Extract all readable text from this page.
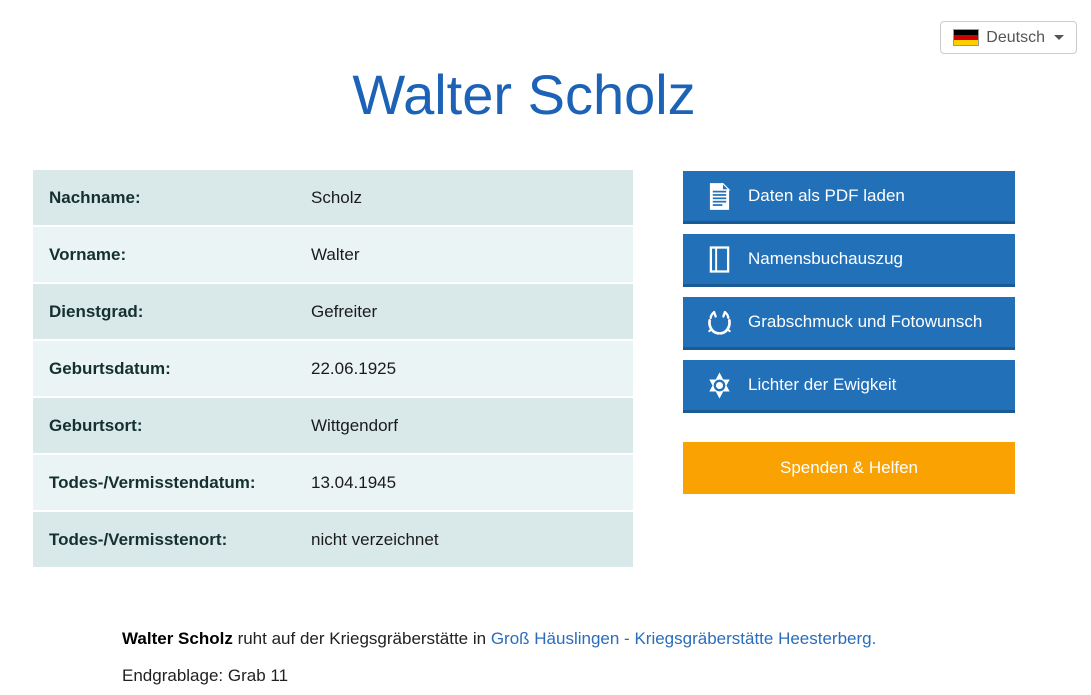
Walter Scholz
Deutsch
Nachname:	Scholz
Vorname:	Walter
Dienstgrad:	Gefreiter
Geburtsdatum:	22.06.1925
Geburtsort:	Wittgendorf
Todes-/Vermisstendatum:	13.04.1945
Todes-/Vermisstenort:	nicht verzeichnet
Daten als PDF laden
Namensbuchauszug
Grabschmuck und Fotowunsch
Lichter der Ewigkeit
Spenden & Helfen

Walter Scholz ruht auf der Kriegsgräberstätte in Groß Häuslingen - Kriegsgräberstätte Heesterberg.

Endgrablage: Grab 11
